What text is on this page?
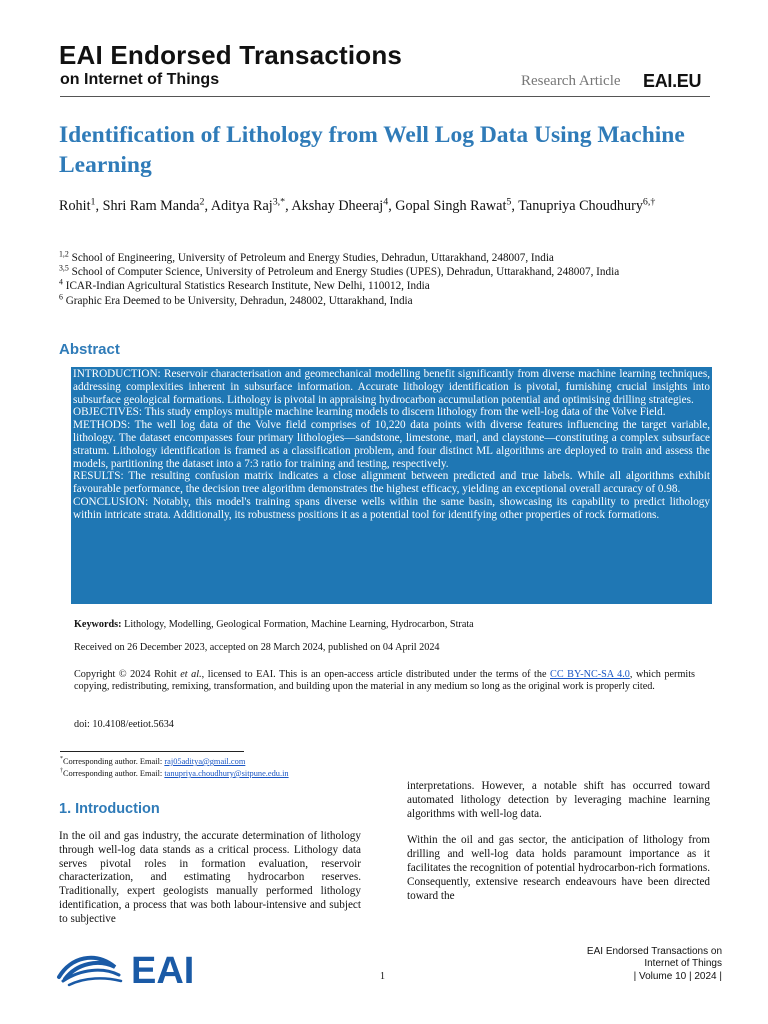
EAI Endorsed Transactions
on Internet of Things	Research Article EAI.EU
Identification of Lithology from Well Log Data Using Machine Learning
Rohit$^1$, Shri Ram Manda$^2$, Aditya Raj$^{3,*}$, Akshay Dheeraj$^4$, Gopal Singh Rawat$^5$, Tanupriya Choudhury$^{6,\dagger}$
$^{1,2}$ School of Engineering, University of Petroleum and Energy Studies, Dehradun, Uttarakhand, 248007, India
$^{3,5}$ School of Computer Science, University of Petroleum and Energy Studies (UPES), Dehradun, Uttarakhand, 248007, India
$^4$ ICAR-Indian Agricultural Statistics Research Institute, New Delhi, 110012, India
$^6$ Graphic Era Deemed to be University, Dehradun, 248002, Uttarakhand, India
Abstract

INTRODUCTION: Reservoir characterisation and geomechanical modelling benefit significantly from diverse machine learning techniques, addressing complexities inherent in subsurface information. Accurate lithology identification is pivotal, furnishing crucial insights into subsurface geological formations. Lithology is pivotal in appraising hydrocarbon accumulation potential and optimising drilling strategies.

OBJECTIVES: This study employs multiple machine learning models to discern lithology from the well-log data of the Volve Field.

METHODS: The well log data of the Volve field comprises of 10,220 data points with diverse features influencing the target variable, lithology. The dataset encompasses four primary lithologies—sandstone, limestone, marl, and claystone—constituting a complex subsurface stratum. Lithology identification is framed as a classification problem, and four distinct ML algorithms are deployed to train and assess the models, partitioning the dataset into a 7:3 ratio for training and testing, respectively.

RESULTS: The resulting confusion matrix indicates a close alignment between predicted and true labels. While all algorithms exhibit favourable performance, the decision tree algorithm demonstrates the highest efficacy, yielding an exceptional overall accuracy of 0.98.

CONCLUSION: Notably, this model's training spans diverse wells within the same basin, showcasing its capability to predict lithology within intricate strata. Additionally, its robustness positions it as a potential tool for identifying other properties of rock formations.

Keywords: Lithology, Modelling, Geological Formation, Machine Learning, Hydrocarbon, Strata
Received on 26 December 2023, accepted on 28 March 2024, published on 04 April 2024
Copyright © 2024 Rohit et al., licensed to EAI. This is an open-access article distributed under the terms of the CC BY-NC-SA 4.0, which permits copying, redistributing, remixing, transformation, and building upon the material in any medium so long as the original work is properly cited.
doi: 10.4108/eetiot.5634
*Corresponding author. Email: raj05aditya@gmail.com
†Corresponding author. Email: tanupriya.choudhury@sitpune.edu.in
1. Introduction

In the oil and gas industry, the accurate determination of lithology through well-log data stands as a critical process. Lithology data serves pivotal roles in formation evaluation, reservoir characterization, and estimating hydrocarbon reserves. Traditionally, expert geologists manually performed lithology identification, a process that was both labour-intensive and subject to subjective

interpretations. However, a notable shift has occurred toward automated lithology detection by leveraging machine learning algorithms with well-log data.

Within the oil and gas sector, the anticipation of lithology from drilling and well-log data holds paramount importance as it facilitates the recognition of potential hydrocarbon-rich formations. Consequently, extensive research endeavours have been directed toward the

EAI	1
EAI Endorsed Transactions on
Internet of Things
| Volume 10 | 2024 |
